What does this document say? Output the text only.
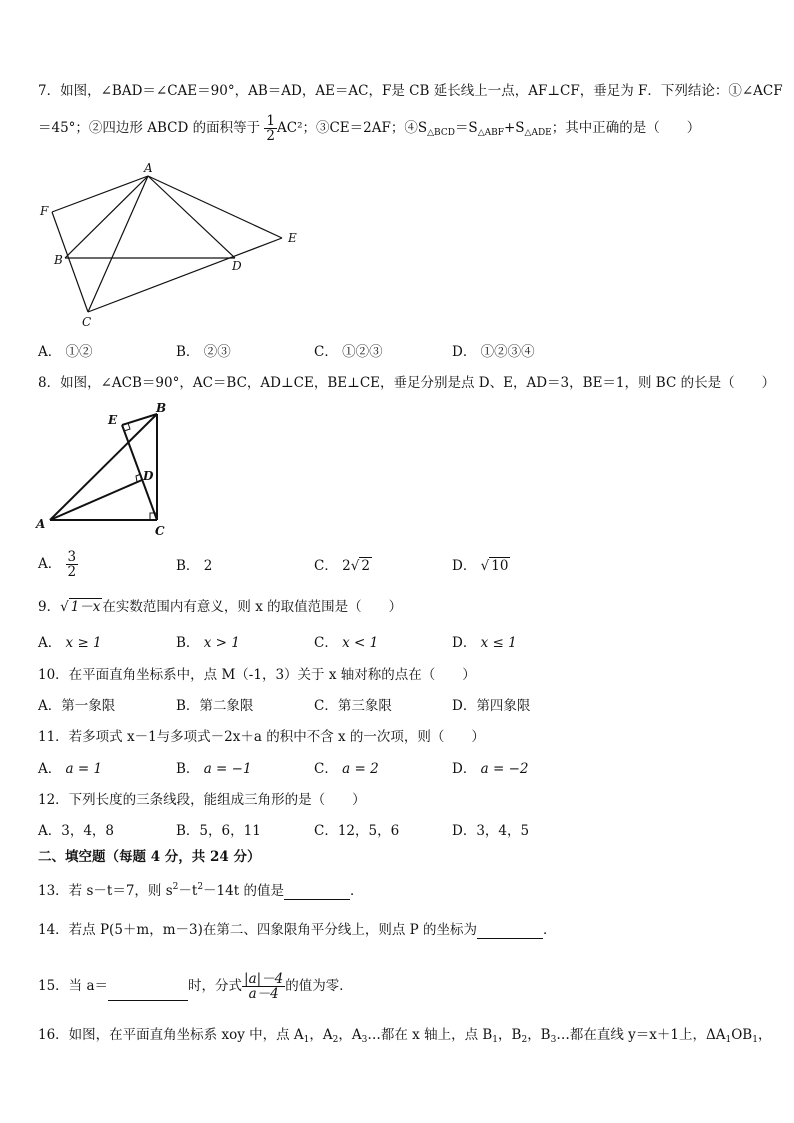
7．如图，∠BAD＝∠CAE＝90°，AB＝AD，AE＝AC，F是 CB 延长线上一点，AF⊥CF，垂足为 F．下列结论：①∠ACF
＝45°；②四边形 ABCD 的面积等于 $\frac{1}{2} AC^2$；③CE＝2AF；$④S_{\triangle BCD}=S_{\triangle ABF}+S_{\triangle ADE}$；其中正确的是（　　）
A
F
B	D
E
C
A． ①②	B． ②③	C． ①②③	D． ①②③④
8．如图，∠ACB＝90°，AC＝BC，AD⊥CE，BE⊥CE，垂足分别是点 D、E，AD＝3，BE＝1，则 BC 的长是（　　）
A
B
C
D
E
A． $\frac{3}{2}$	B． 2	C． 2√ 2	D． √ 10
9．√ 1－x 在实数范围内有意义，则 x 的取值范围是（　　）
A． x ≥ 1	B． x > 1	C． x < 1	D． x ≤ 1
10．在平面直角坐标系中，点 M（-1，3）关于 x 轴对称的点在（　　）
A．第一象限	B．第二象限	C．第三象限	D．第四象限
11．若多项式 x－1与多项式－2x＋a 的积中不含 x 的一次项，则（　　）
A． a = 1	B． a = −1	C． a = 2	D． a = −2
12．下列长度的三条线段，能组成三角形的是（　　）
A．3，4，8	B．5，6，11	C．12，5，6	D．3，4，5
二、填空题（每题 4 分，共 24 分）
13．若 s－t＝7，则 $s^2-t^2-14t$ 的值是	．
14．若点 P(5＋m，m－3)在第二、四象限角平分线上，则点 P 的坐标为	．
15．当 a＝	时，分式 $\frac{|a|-4}{a-4}$ 的值为零．
16．如图，在平面直角坐标系 xoy 中，点 $A_1$，$A_2$，$A_3\dots$都在 x 轴上，点 $B_1$，$B_2$，$B_3\dots$都在直线 y＝x＋1上，$\Delta A_1OB_1$，
